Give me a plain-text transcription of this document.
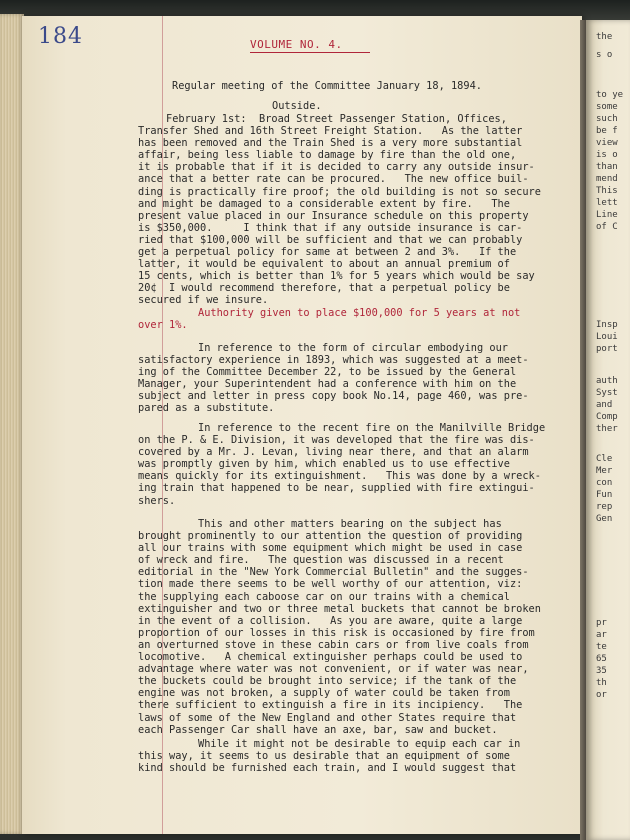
184	VOLUME NO. 4.
Regular meeting of the Committee January 18, 1894.
Outside.
February 1st:  Broad Street Passenger Station, Offices,
Transfer Shed and 16th Street Freight Station.   As the latter
has been removed and the Train Shed is a very more substantial
affair, being less liable to damage by fire than the old one,
it is probable that if it is decided to carry any outside insur-
ance that a better rate can be procured.   The new office buil-
ding is practically fire proof; the old building is not so secure
and might be damaged to a considerable extent by fire.   The
present value placed in our Insurance schedule on this property
is $350,000.     I think that if any outside insurance is car-
ried that $100,000 will be sufficient and that we can probably
get a perpetual policy for same at between 2 and 3%.   If the
latter, it would be equivalent to about an annual premium of
15 cents, which is better than 1% for 5 years which would be say
20¢  I would recommend therefore, that a perpetual policy be
secured if we insure.
Authority given to place $100,000 for 5 years at not
over 1%.
In reference to the form of circular embodying our
satisfactory experience in 1893, which was suggested at a meet-
ing of the Committee December 22, to be issued by the General
Manager, your Superintendent had a conference with him on the
subject and letter in press copy book No.14, page 460, was pre-
pared as a substitute.
In reference to the recent fire on the Manilville Bridge
on the P. & E. Division, it was developed that the fire was dis-
covered by a Mr. J. Levan, living near there, and that an alarm
was promptly given by him, which enabled us to use effective
means quickly for its extinguishment.   This was done by a wreck-
ing train that happened to be near, supplied with fire extingui-
shers.
This and other matters bearing on the subject has
brought prominently to our attention the question of providing
all our trains with some equipment which might be used in case
of wreck and fire.   The question was discussed in a recent
editorial in the "New York Commercial Bulletin" and the sugges-
tion made there seems to be well worthy of our attention, viz:
the supplying each caboose car on our trains with a chemical
extinguisher and two or three metal buckets that cannot be broken
in the event of a collision.   As you are aware, quite a large
proportion of our losses in this risk is occasioned by fire from
an overturned stove in these cabin cars or from live coals from
locomotive.   A chemical extinguisher perhaps could be used to
advantage where water was not convenient, or if water was near,
the buckets could be brought into service; if the tank of the
engine was not broken, a supply of water could be taken from
there sufficient to extinguish a fire in its incipiency.   The
laws of some of the New England and other States require that
each Passenger Car shall have an axe, bar, saw and bucket.
While it might not be desirable to equip each car in
this way, it seems to us desirable that an equipment of some
kind should be furnished each train, and I would suggest that
the
s o
to ye
some
such
be f
view
is o
than
mend
This
lett
Line
of C
Insp
Loui
port
auth
Syst
and
Comp
ther
Cle
Mer
con
Fun
rep
Gen
pr
ar
te
65
35
th
or
